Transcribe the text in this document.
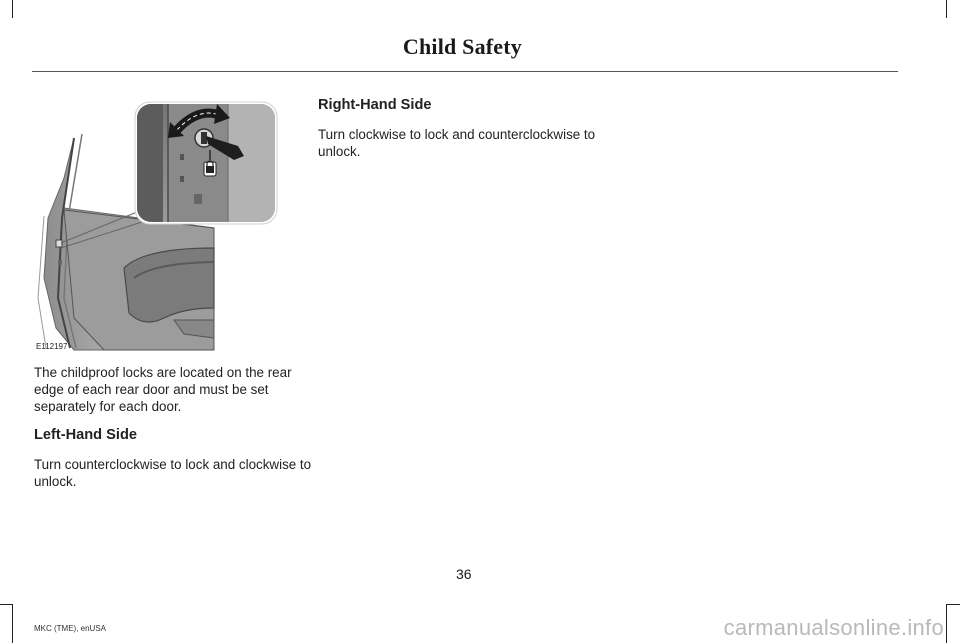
Child Safety
E112197

The childproof locks are located on the rear edge of each rear door and must be set separately for each door.

Left-Hand Side

Turn counterclockwise to lock and clockwise to unlock.

Right-Hand Side

Turn clockwise to lock and counterclockwise to unlock.

36
MKC (TME), enUSA	carmanualsonline.info
